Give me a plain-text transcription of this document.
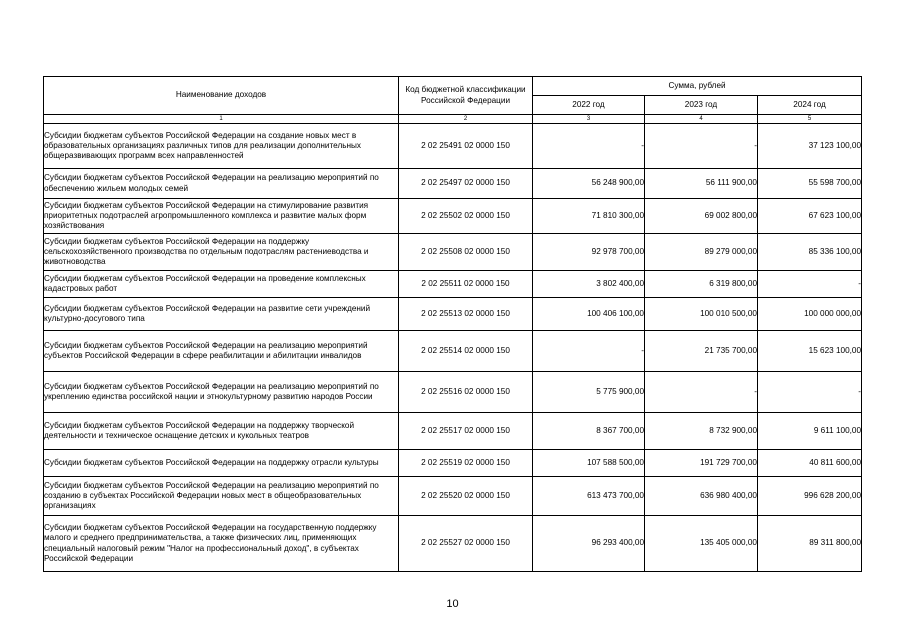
Наименование доходов	Код бюджетной классификации Российской Федерации	Сумма, рублей		
		2022 год	2023 год	2024 год
1	2	3	4	5
Субсидии бюджетам субъектов Российской Федерации на создание новых мест в образовательных организациях различных типов для реализации дополнительных общеразвивающих программ всех направленностей	2 02 25491 02 0000 150	-	-	37 123 100,00
Субсидии бюджетам субъектов Российской Федерации на реализацию мероприятий по обеспечению жильем молодых семей	2 02 25497 02 0000 150	56 248 900,00	56 111 900,00	55 598 700,00
Субсидии бюджетам субъектов Российской Федерации на стимулирование развития приоритетных подотраслей агропромышленного комплекса и развитие малых форм хозяйствования	2 02 25502 02 0000 150	71 810 300,00	69 002 800,00	67 623 100,00
Субсидии бюджетам субъектов Российской Федерации на поддержку сельскохозяйственного производства по отдельным подотраслям растениеводства и животноводства	2 02 25508 02 0000 150	92 978 700,00	89 279 000,00	85 336 100,00
Субсидии бюджетам субъектов Российской Федерации на проведение комплексных кадастровых работ	2 02 25511 02 0000 150	3 802 400,00	6 319 800,00	-
Субсидии бюджетам субъектов Российской Федерации на развитие сети учреждений культурно-досугового типа	2 02 25513 02 0000 150	100 406 100,00	100 010 500,00	100 000 000,00
Субсидии бюджетам субъектов Российской Федерации на реализацию мероприятий субъектов Российской Федерации в сфере реабилитации и абилитации инвалидов	2 02 25514 02 0000 150	-	21 735 700,00	15 623 100,00
Субсидии бюджетам субъектов Российской Федерации на реализацию мероприятий по укреплению единства российской нации и этнокультурному развитию народов России	2 02 25516 02 0000 150	5 775 900,00	-	-
Субсидии бюджетам субъектов Российской Федерации на поддержку творческой деятельности и техническое оснащение детских и кукольных театров	2 02 25517 02 0000 150	8 367 700,00	8 732 900,00	9 611 100,00
Субсидии бюджетам субъектов Российской Федерации на поддержку отрасли культуры	2 02 25519 02 0000 150	107 588 500,00	191 729 700,00	40 811 600,00
Субсидии бюджетам субъектов Российской Федерации на реализацию мероприятий по созданию в субъектах Российской Федерации новых мест в общеобразовательных организациях	2 02 25520 02 0000 150	613 473 700,00	636 980 400,00	996 628 200,00
Субсидии бюджетам субъектов Российской Федерации на государственную поддержку малого и среднего предпринимательства, а также физических лиц, применяющих специальный налоговый режим "Налог на профессиональный доход", в субъектах Российской Федерации	2 02 25527 02 0000 150	96 293 400,00	135 405 000,00	89 311 800,00
10
